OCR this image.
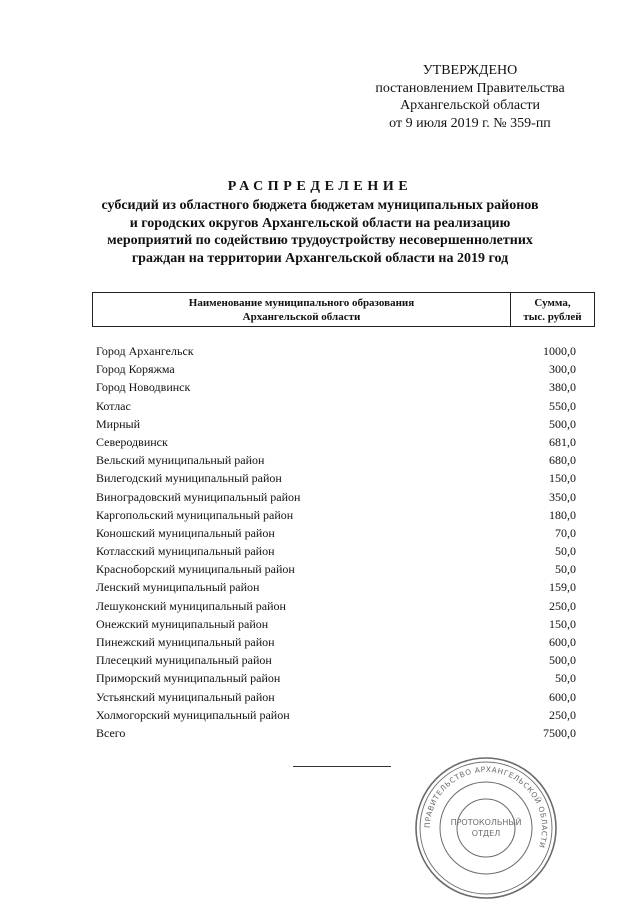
УТВЕРЖДЕНО
постановлением Правительства
Архангельской области
от 9 июля 2019 г. № 359-пп
РАСПРЕДЕЛЕНИЕ
субсидий из областного бюджета бюджетам муниципальных районов
и городских округов Архангельской области на реализацию
мероприятий по содействию трудоустройству несовершеннолетних
граждан на территории Архангельской области на 2019 год
Наименование муниципального образования
Архангельской области
Сумма,
тыс. рублей
Город Архангельск	1000,0
Город Коряжма	300,0
Город Новодвинск	380,0
Котлас	550,0
Мирный	500,0
Северодвинск	681,0
Вельский муниципальный район	680,0
Вилегодский муниципальный район	150,0
Виноградовский муниципальный район	350,0
Каргопольский муниципальный район	180,0
Коношский муниципальный район	70,0
Котласский муниципальный район	50,0
Красноборский муниципальный район	50,0
Ленский муниципальный район	159,0
Лешуконский муниципальный район	250,0
Онежский муниципальный район	150,0
Пинежский муниципальный район	600,0
Плесецкий муниципальный район	500,0
Приморский муниципальный район	50,0
Устьянский муниципальный район	600,0
Холмогорский муниципальный район	250,0
Всего	7500,0
ПРАВИТЕЛЬСТВО АРХАНГЕЛЬСКОЙ ОБЛАСТИ
ПРОТОКОЛЬНЫЙ
ОТДЕЛ
